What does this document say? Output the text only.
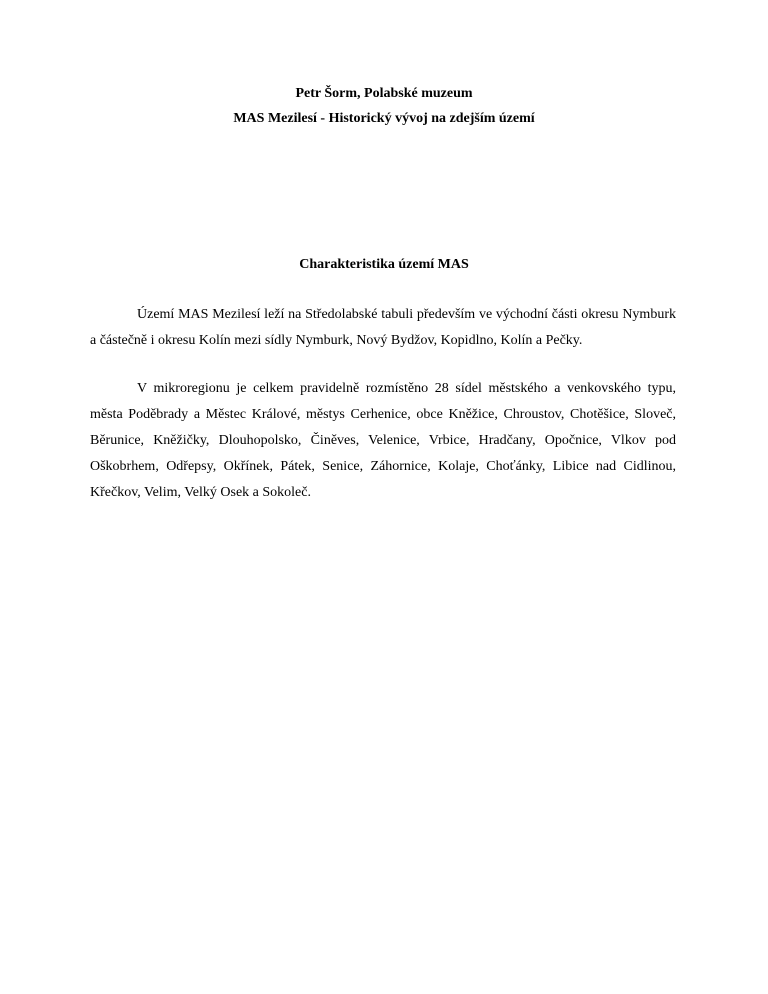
Petr Šorm, Polabské muzeum
MAS Mezilesí - Historický vývoj na zdejším území
Charakteristika území MAS

Území MAS Mezilesí leží na Středolabské tabuli především ve východní části okresu Nymburk a částečně i okresu Kolín mezi sídly Nymburk, Nový Bydžov, Kopidlno, Kolín a Pečky.

V mikroregionu je celkem pravidelně rozmístěno 28 sídel městského a venkovského typu, města Poděbrady a Městec Králové, městys Cerhenice, obce Kněžice, Chroustov, Chotěšice, Sloveč, Běrunice, Kněžičky, Dlouhopolsko, Činěves, Velenice, Vrbice, Hradčany, Opočnice, Vlkov pod Oškobrhem, Odřepsy, Okřínek, Pátek, Senice, Záhornice, Kolaje, Choťánky, Libice nad Cidlinou, Křečkov, Velim, Velký Osek a Sokoleč.
